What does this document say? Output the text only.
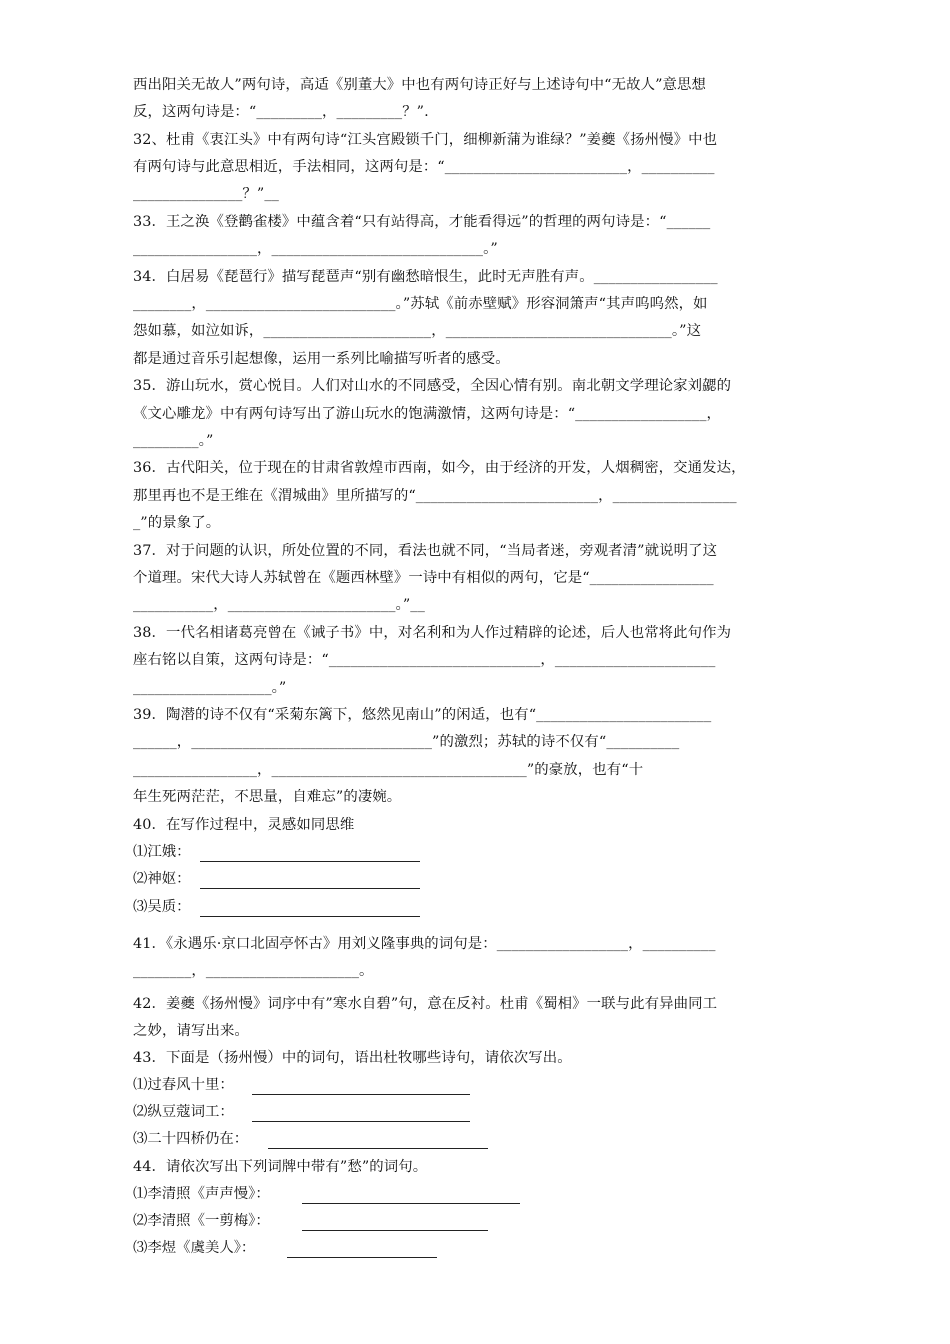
西出阳关无故人”两句诗，高适《别董大》中也有两句诗正好与上述诗句中“无故人”意思想
反，这两句诗是：“_________，_________？”.
32、杜甫《衷江头》中有两句诗“江头宫殿锁千门，细柳新蒲为谁绿？”姜夔《扬州慢》中也
有两句诗与此意思相近，手法相同，这两句是：“_________________________，__________
_______________？”__
33．王之涣《登鹳雀楼》中蕴含着“只有站得高，才能看得远”的哲理的两句诗是：“______
_________________，_____________________________。”
34．白居易《琵琶行》描写琵琶声“别有幽愁暗恨生，此时无声胜有声。_________________
________，__________________________。”苏轼《前赤壁赋》形容洞箫声“其声呜呜然，如
怨如慕，如泣如诉，_______________________，_______________________________。”这
都是通过音乐引起想像，运用一系列比喻描写听者的感受。
35．游山玩水，赏心悦目。人们对山水的不同感受，全因心情有别。南北朝文学理论家刘勰的
《文心雕龙》中有两句诗写出了游山玩水的饱满激情，这两句诗是：“__________________，
_________。”
36．古代阳关，位于现在的甘肃省敦煌市西南，如今，由于经济的开发，人烟稠密，交通发达，
那里再也不是王维在《渭城曲》里所描写的“_________________________，_________________
_”的景象了。
37．对于问题的认识，所处位置的不同，看法也就不同，“当局者迷，旁观者清”就说明了这
个道理。宋代大诗人苏轼曾在《题西林壁》一诗中有相似的两句，它是“_________________
___________，_______________________。”__
38．一代名相诸葛亮曾在《诫子书》中，对名利和为人作过精辟的论述，后人也常将此句作为
座右铭以自策，这两句诗是：“_____________________________，______________________
___________________。”
39．陶潜的诗不仅有“采菊东篱下，悠然见南山”的闲适，也有“________________________
______，_________________________________”的激烈；苏轼的诗不仅有“__________
_________________，___________________________________”的豪放，也有“十
年生死两茫茫，不思量，自难忘”的凄婉。
40．在写作过程中，灵感如同思维
⑴江娥：
⑵神妪：
⑶吴质：
41．《永遇乐·京口北固亭怀古》用刘义隆事典的词句是：__________________，__________
________，_____________________。
42．姜夔《扬州慢》词序中有”寒水自碧”句，意在反衬。杜甫《蜀相》一联与此有异曲同工
之妙，请写出来。
43．下面是（扬州慢）中的词句，语出杜牧哪些诗句，请依次写出。
⑴过春风十里：
⑵纵豆蔻词工：
⑶二十四桥仍在：
44．请依次写出下列词牌中带有”愁”的词句。
⑴李清照《声声慢》：
⑵李清照《一剪梅》：
⑶李煜《虞美人》：
